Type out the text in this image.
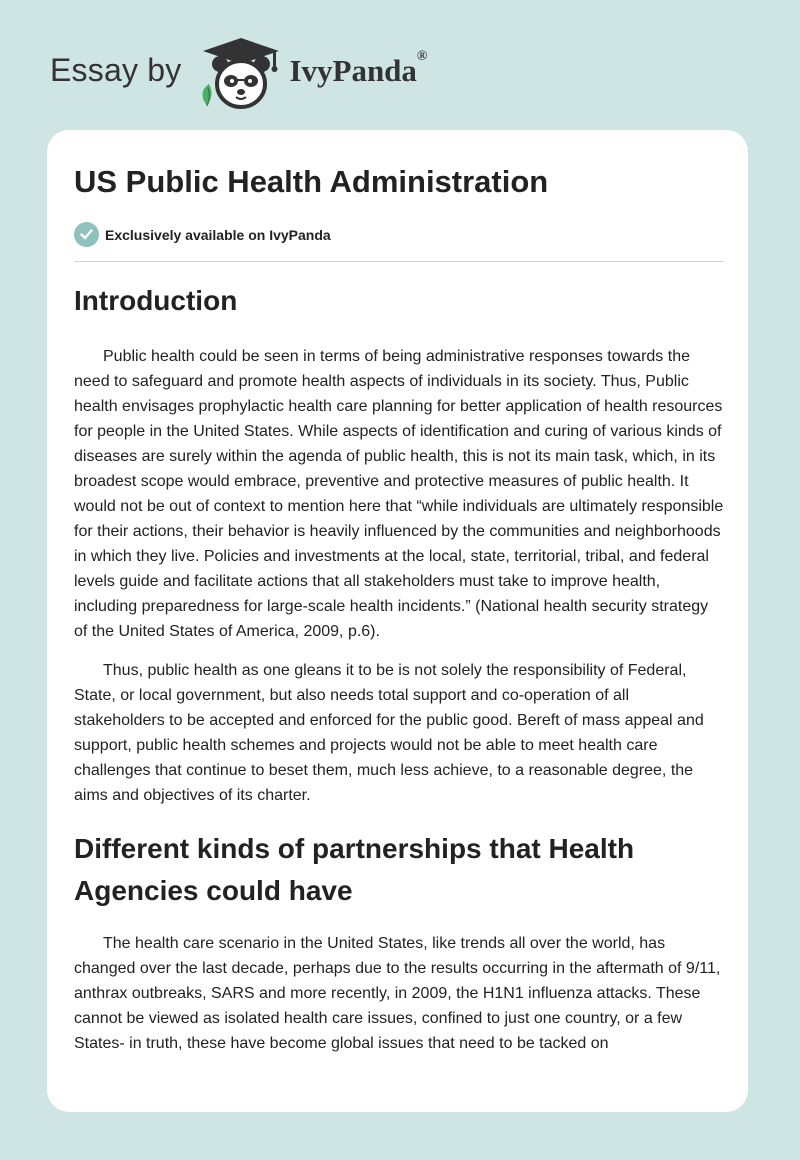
Essay by	IvyPanda®
US Public Health Administration
Exclusively available on IvyPanda
Introduction

Public health could be seen in terms of being administrative responses towards the need to safeguard and promote health aspects of individuals in its society. Thus, Public health envisages prophylactic health care planning for better application of health resources for people in the United States. While aspects of identification and curing of various kinds of diseases are surely within the agenda of public health, this is not its main task, which, in its broadest scope would embrace, preventive and protective measures of public health. It would not be out of context to mention here that “while individuals are ultimately responsible for their actions, their behavior is heavily influenced by the communities and neighborhoods in which they live. Policies and investments at the local, state, territorial, tribal, and federal levels guide and facilitate actions that all stakeholders must take to improve health, including preparedness for large-scale health incidents.” (National health security strategy of the United States of America, 2009, p.6).

Thus, public health as one gleans it to be is not solely the responsibility of Federal, State, or local government, but also needs total support and co-operation of all stakeholders to be accepted and enforced for the public good. Bereft of mass appeal and support, public health schemes and projects would not be able to meet health care challenges that continue to beset them, much less achieve, to a reasonable degree, the aims and objectives of its charter.

Different kinds of partnerships that Health Agencies could have

The health care scenario in the United States, like trends all over the world, has changed over the last decade, perhaps due to the results occurring in the aftermath of 9/11, anthrax outbreaks, SARS and more recently, in 2009, the H1N1 influenza attacks. These cannot be viewed as isolated health care issues, confined to just one country, or a few States- in truth, these have become global issues that need to be tacked on
